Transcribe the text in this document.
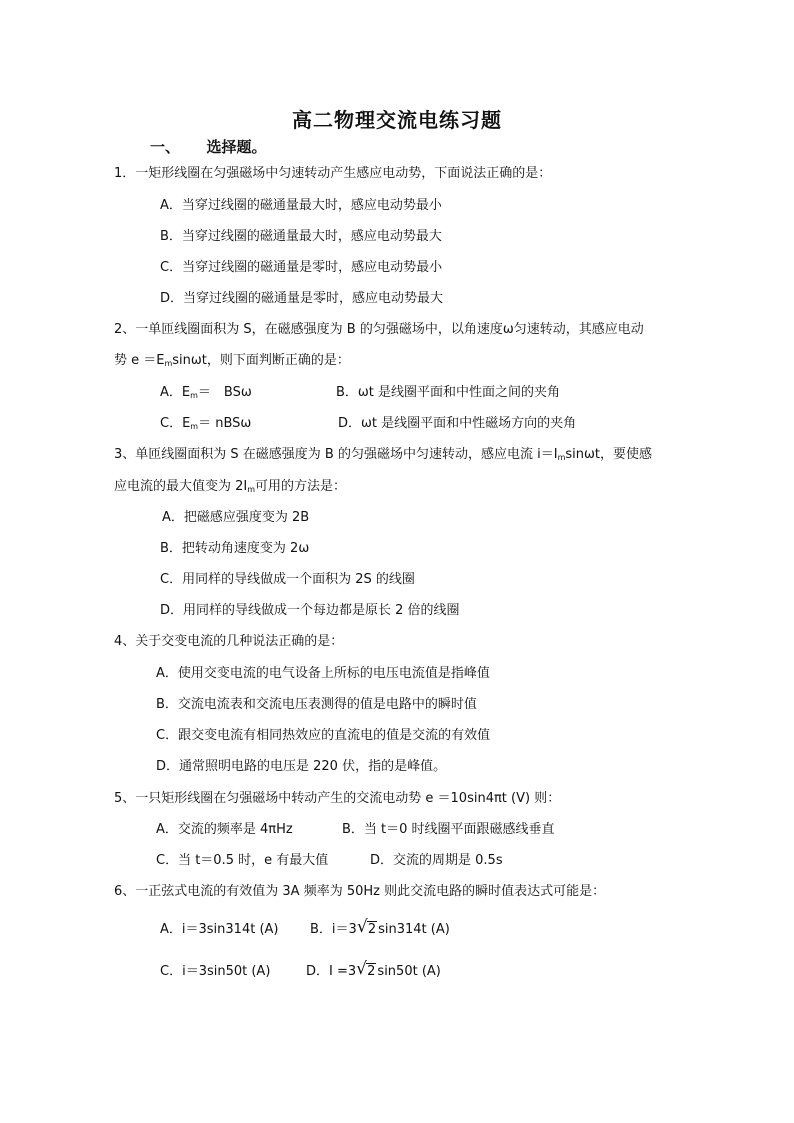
高二物理交流电练习题
一、 选择题。
1．一矩形线圈在匀强磁场中匀速转动产生感应电动势，下面说法正确的是：
A．当穿过线圈的磁通量最大时，感应电动势最小
B．当穿过线圈的磁通量最大时，感应电动势最大
C．当穿过线圈的磁通量是零时，感应电动势最小
D．当穿过线圈的磁通量是零时，感应电动势最大
2、一单匝线圈面积为 S，在磁感强度为 B 的匀强磁场中，以角速度ω匀速转动，其感应电动
势 $e =E_m\sin\omega t$，则下面判断正确的是：
A．$E_m=$　BSω	B．ωt 是线圈平面和中性面之间的夹角
C．$E_m= nBS\omega$	D．ωt 是线圈平面和中性磁场方向的夹角
3、单匝线圈面积为 S 在磁感强度为 B 的匀强磁场中匀速转动，感应电流 $i=I_m\sin\omega t$，要使感
应电流的最大值变为 $2I_m$可用的方法是：
A．把磁感应强度变为 2B
B．把转动角速度变为 2ω
C．用同样的导线做成一个面积为 2S 的线圈
D．用同样的导线做成一个每边都是原长 2 倍的线圈
4、关于交变电流的几种说法正确的是：
A．使用交变电流的电气设备上所标的电压电流值是指峰值
B．交流电流表和交流电压表测得的值是电路中的瞬时值
C．跟交变电流有相同热效应的直流电的值是交流的有效值
D．通常照明电路的电压是 220 伏，指的是峰值。
5、一只矩形线圈在匀强磁场中转动产生的交流电动势 e ＝10sin4πt (V) 则：
A．交流的频率是 4πHz	B．当 t＝0 时线圈平面跟磁感线垂直
C．当 t＝0.5 时，e 有最大值	D．交流的周期是 0.5s
6、一正弦式电流的有效值为 3A 频率为 50Hz 则此交流电路的瞬时值表达式可能是：
A．i＝3sin314t (A) B．i＝3 √ 2 sin314t (A)
C．i＝3sin50t (A)	D．I =3 √ 2 sin50t (A)
